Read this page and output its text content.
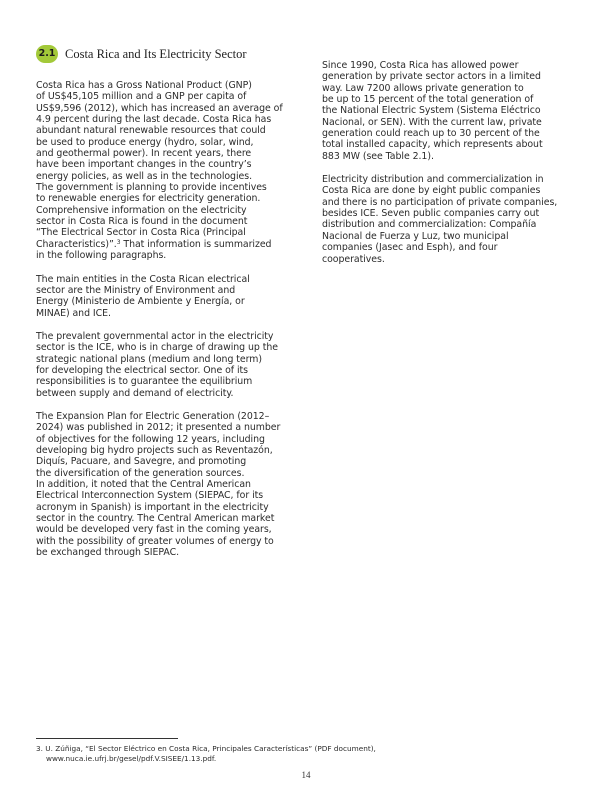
2.1 Costa Rica and Its Electricity Sector

Costa Rica has a Gross National Product (GNP)
of US$45,105 million and a GNP per capita of
US$9,596 (2012), which has increased an average of
4.9 percent during the last decade. Costa Rica has
abundant natural renewable resources that could
be used to produce energy (hydro, solar, wind,
and geothermal power). In recent years, there
have been important changes in the country’s
energy policies, as well as in the technologies.
The government is planning to provide incentives
to renewable energies for electricity generation.
Comprehensive information on the electricity
sector in Costa Rica is found in the document
“The Electrical Sector in Costa Rica (Principal
Characteristics)”.$^3$ That information is summarized
in the following paragraphs.

The main entities in the Costa Rican electrical
sector are the Ministry of Environment and
Energy (Ministerio de Ambiente y Energía, or
MINAE) and ICE.

The prevalent governmental actor in the electricity
sector is the ICE, who is in charge of drawing up the
strategic national plans (medium and long term)
for developing the electrical sector. One of its
responsibilities is to guarantee the equilibrium
between supply and demand of electricity.

The Expansion Plan for Electric Generation (2012–
2024) was published in 2012; it presented a number
of objectives for the following 12 years, including
developing big hydro projects such as Reventazón,
Diquís, Pacuare, and Savegre, and promoting
the diversification of the generation sources.
In addition, it noted that the Central American
Electrical Interconnection System (SIEPAC, for its
acronym in Spanish) is important in the electricity
sector in the country. The Central American market
would be developed very fast in the coming years,
with the possibility of greater volumes of energy to
be exchanged through SIEPAC.

Since 1990, Costa Rica has allowed power
generation by private sector actors in a limited
way. Law 7200 allows private generation to
be up to 15 percent of the total generation of
the National Electric System (Sistema Eléctrico
Nacional, or SEN). With the current law, private
generation could reach up to 30 percent of the
total installed capacity, which represents about
883 MW (see Table 2.1).

Electricity distribution and commercialization in
Costa Rica are done by eight public companies
and there is no participation of private companies,
besides ICE. Seven public companies carry out
distribution and commercialization: Compañía
Nacional de Fuerza y Luz, two municipal
companies (Jasec and Esph), and four
cooperatives.

3. U. Zúñiga, “El Sector Eléctrico en Costa Rica, Principales Características” (PDF document),
www.nuca.ie.ufrj.br/gesel/pdf.V.SISEE/1.13.pdf.
14
